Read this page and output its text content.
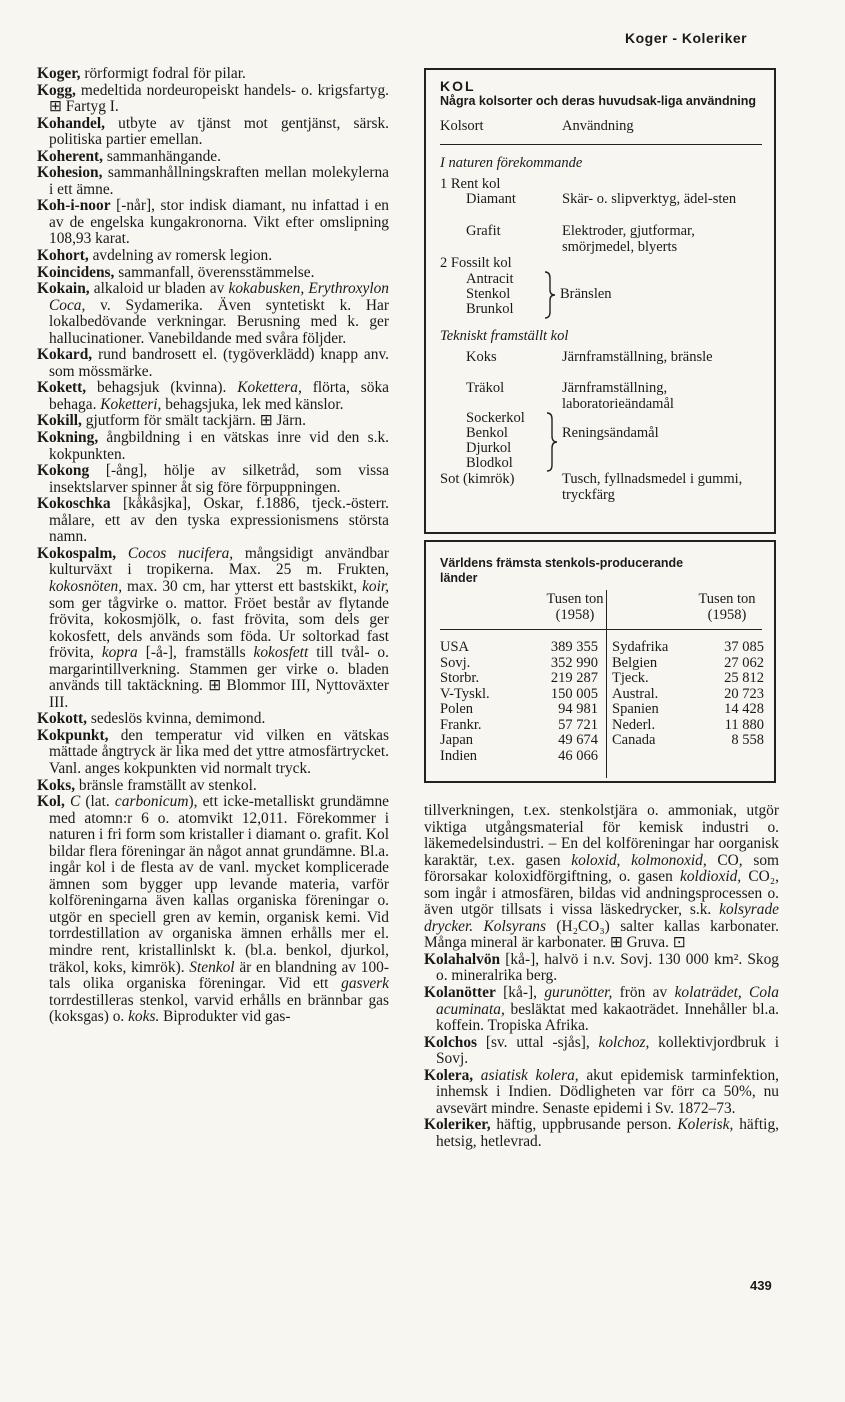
Koger - Koleriker

Koger, rörformigt fodral för pilar.

Kogg, medeltida nordeuropeiskt handels- o. krigsfartyg. ⊞ Fartyg I.

Kohandel, utbyte av tjänst mot gentjänst, särsk. politiska partier emellan.

Koherent, sammanhängande.

Kohesion, sammanhållningskraften mellan molekylerna i ett ämne.

Koh-i-noor [-når], stor indisk diamant, nu infattad i en av de engelska kungakronorna. Vikt efter omslipning 108,93 karat.

Kohort, avdelning av romersk legion.

Koincidens, sammanfall, överensstämmelse.

Kokain, alkaloid ur bladen av kokabusken, Erythroxylon Coca, v. Sydamerika. Även syntetiskt k. Har lokalbedövande verkningar. Berusning med k. ger hallucinationer. Vanebildande med svåra följder.

Kokard, rund bandrosett el. (tygöverklädd) knapp anv. som mössmärke.

Kokett, behagsjuk (kvinna). Kokettera, flörta, söka behaga. Koketteri, behagsjuka, lek med känslor.

Kokill, gjutform för smält tackjärn. ⊞ Järn.

Kokning, ångbildning i en vätskas inre vid den s.k. kokpunkten.

Kokong [-ång], hölje av silketråd, som vissa insektslarver spinner åt sig före förpuppningen.

Kokoschka [kåkåsjka], Oskar, f.1886, tjeck.-österr. målare, ett av den tyska expressionismens största namn.

Kokospalm, Cocos nucifera, mångsidigt användbar kulturväxt i tropikerna. Max. 25 m. Frukten, kokosnöten, max. 30 cm, har ytterst ett bastskikt, koir, som ger tågvirke o. mattor. Fröet består av flytande frövita, kokosmjölk, o. fast frövita, som dels ger kokosfett, dels används som föda. Ur soltorkad fast frövita, kopra [-å-], framställs kokosfett till tvål- o. margarintillverkning. Stammen ger virke o. bladen används till taktäckning. ⊞ Blommor III, Nyttoväxter III.

Kokott, sedeslös kvinna, demimond.

Kokpunkt, den temperatur vid vilken en vätskas mättade ångtryck är lika med det yttre atmosfärtrycket. Vanl. anges kokpunkten vid normalt tryck.

Koks, bränsle framställt av stenkol.

Kol, C (lat. carbonicum), ett icke-metalliskt grundämne med atomn:r 6 o. atomvikt 12,011. Förekommer i naturen i fri form som kristaller i diamant o. grafit. Kol bildar flera föreningar än något annat grundämne. Bl.a. ingår kol i de flesta av de vanl. mycket komplicerade ämnen som bygger upp levande materia, varför kolföreningarna även kallas organiska föreningar o. utgör en speciell gren av kemin, organisk kemi. Vid torrdestillation av organiska ämnen erhålls mer el. mindre rent, kristallinlskt k. (bl.a. benkol, djurkol, träkol, koks, kimrök). Stenkol är en blandning av 100-tals olika organiska föreningar. Vid ett gasverk torrdestilleras stenkol, varvid erhålls en brännbar gas (koksgas) o. koks. Biprodukter vid gas-

KOL
Några kolsorter och deras huvudsak-liga användning
Kolsort	Användning
I naturen förekommande
1 Rent kol
Diamant	Skär- o. slipverktyg, ädel-sten
Grafit	Elektroder, gjutformar, smörjmedel, blyerts
2 Fossilt kol
Antracit
Stenkol
Brunkol
Bränslen
Tekniskt framställt kol
Koks	Järnframställning, bränsle
Träkol	Järnframställning, laboratorieändamål
Sockerkol
Benkol
Djurkol
Blodkol
Reningsändamål
Sot (kimrök)	Tusch, fyllnadsmedel i gummi, tryckfärg
Världens främsta stenkols-producerande länder
Tusen ton (1958)
Tusen ton (1958)
USA	389 355
Sovj.	352 990
Storbr.	219 287
V-Tyskl.	150 005
Polen	94 981
Frankr.	57 721
Japan	49 674
Indien	46 066
Sydafrika	37 085
Belgien	27 062
Tjeck.	25 812
Austral.	20 723
Spanien	14 428
Nederl.	11 880
Canada	8 558

tillverkningen, t.ex. stenkolstjära o. ammoniak, utgör viktiga utgångsmaterial för kemisk industri o. läkemedelsindustri. – En del kolföreningar har oorganisk karaktär, t.ex. gasen koloxid, kolmonoxid, CO, som förorsakar koloxidförgiftning, o. gasen koldioxid, CO₂, som ingår i atmosfären, bildas vid andningsprocessen o. även utgör tillsats i vissa läskedrycker, s.k. kolsyrade drycker. Kolsyrans (H₂CO₃) salter kallas karbonater. Många mineral är karbonater. ⊞ Gruva. ⊡

Kolahalvön [kå-], halvö i n.v. Sovj. 130 000 km². Skog o. mineralrika berg.

Kolanötter [kå-], gurunötter, frön av kolaträdet, Cola acuminata, besläktat med kakaoträdet. Innehåller bl.a. koffein. Tropiska Afrika.

Kolchos [sv. uttal -sjås], kolchoz, kollektivjordbruk i Sovj.

Kolera, asiatisk kolera, akut epidemisk tarminfektion, inhemsk i Indien. Dödligheten var förr ca 50%, nu avsevärt mindre. Senaste epidemi i Sv. 1872–73.

Koleriker, häftig, uppbrusande person. Kolerisk, häftig, hetsig, hetlevrad.

439
